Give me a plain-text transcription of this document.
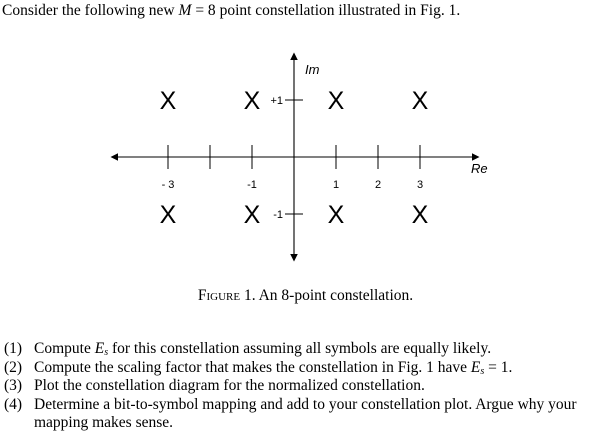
Consider the following new M = 8 point constellation illustrated in Fig. 1.
Re
Im
- 3	-1	1	2	3
+1
-1
X	X	X	X
X	X	X	X
Figure 1. An 8-point constellation.
(1) Compute $E_s$ for this constellation assuming all symbols are equally likely.
(2) Compute the scaling factor that makes the constellation in Fig. 1 have $E_s = 1$.
(3) Plot the constellation diagram for the normalized constellation.
(4) Determine a bit-to-symbol mapping and add to your constellation plot. Argue why your mapping makes sense.
